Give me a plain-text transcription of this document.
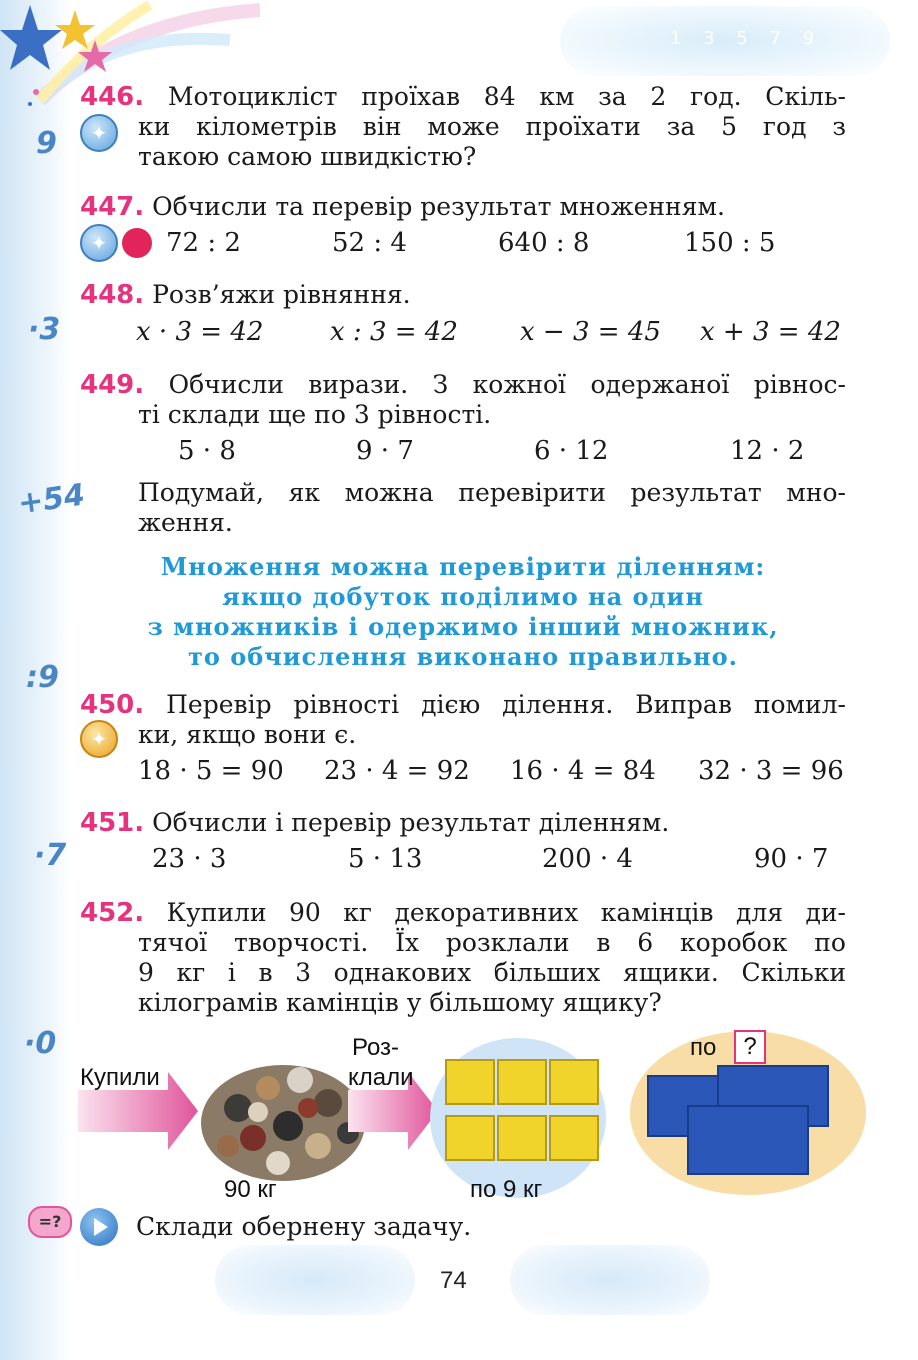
1 3 5 7 9
9
·3
+54
:9
·7
·0
✦
✦
✦
446. Мотоцикліст проїхав 84 км за 2 год. Скіль-
ки кілометрів він може проїхати за 5 год з
такою самою швидкістю?
447. Обчисли та перевір результат множенням.
72 : 2	52 : 4	640 : 8	150 : 5
448. Розв’яжи рівняння.
x · 3 = 42	x : 3 = 42 x − 3 = 45 x + 3 = 42
449. Обчисли вирази. З кожної одержаної рівнос-
ті склади ще по 3 рівності.
5 · 8	9 · 7	6 · 12	12 · 2
Подумай, як можна перевірити результат мно-
ження.
Множення можна перевірити діленням:
якщо добуток поділимо на один
з множників і одержимо інший множник,
то обчислення виконано правильно.
450. Перевір рівності дією ділення. Виправ помил-
ки, якщо вони є.
18 · 5 = 90 23 · 4 = 92 16 · 4 = 84 32 · 3 = 96
451. Обчисли і перевір результат діленням.
23 · 3	5 · 13	200 · 4	90 · 7
452. Купили 90 кг декоративних камінців для ди-
тячої творчості. Їх розклали в 6 коробок по
9 кг і в 3 однакових більших ящики. Скільки
кілограмів камінців у більшому ящику?
Купили
90 кг
Роз-
клали
по 9 кг
по	?
=?	Склади обернену задачу.
74
